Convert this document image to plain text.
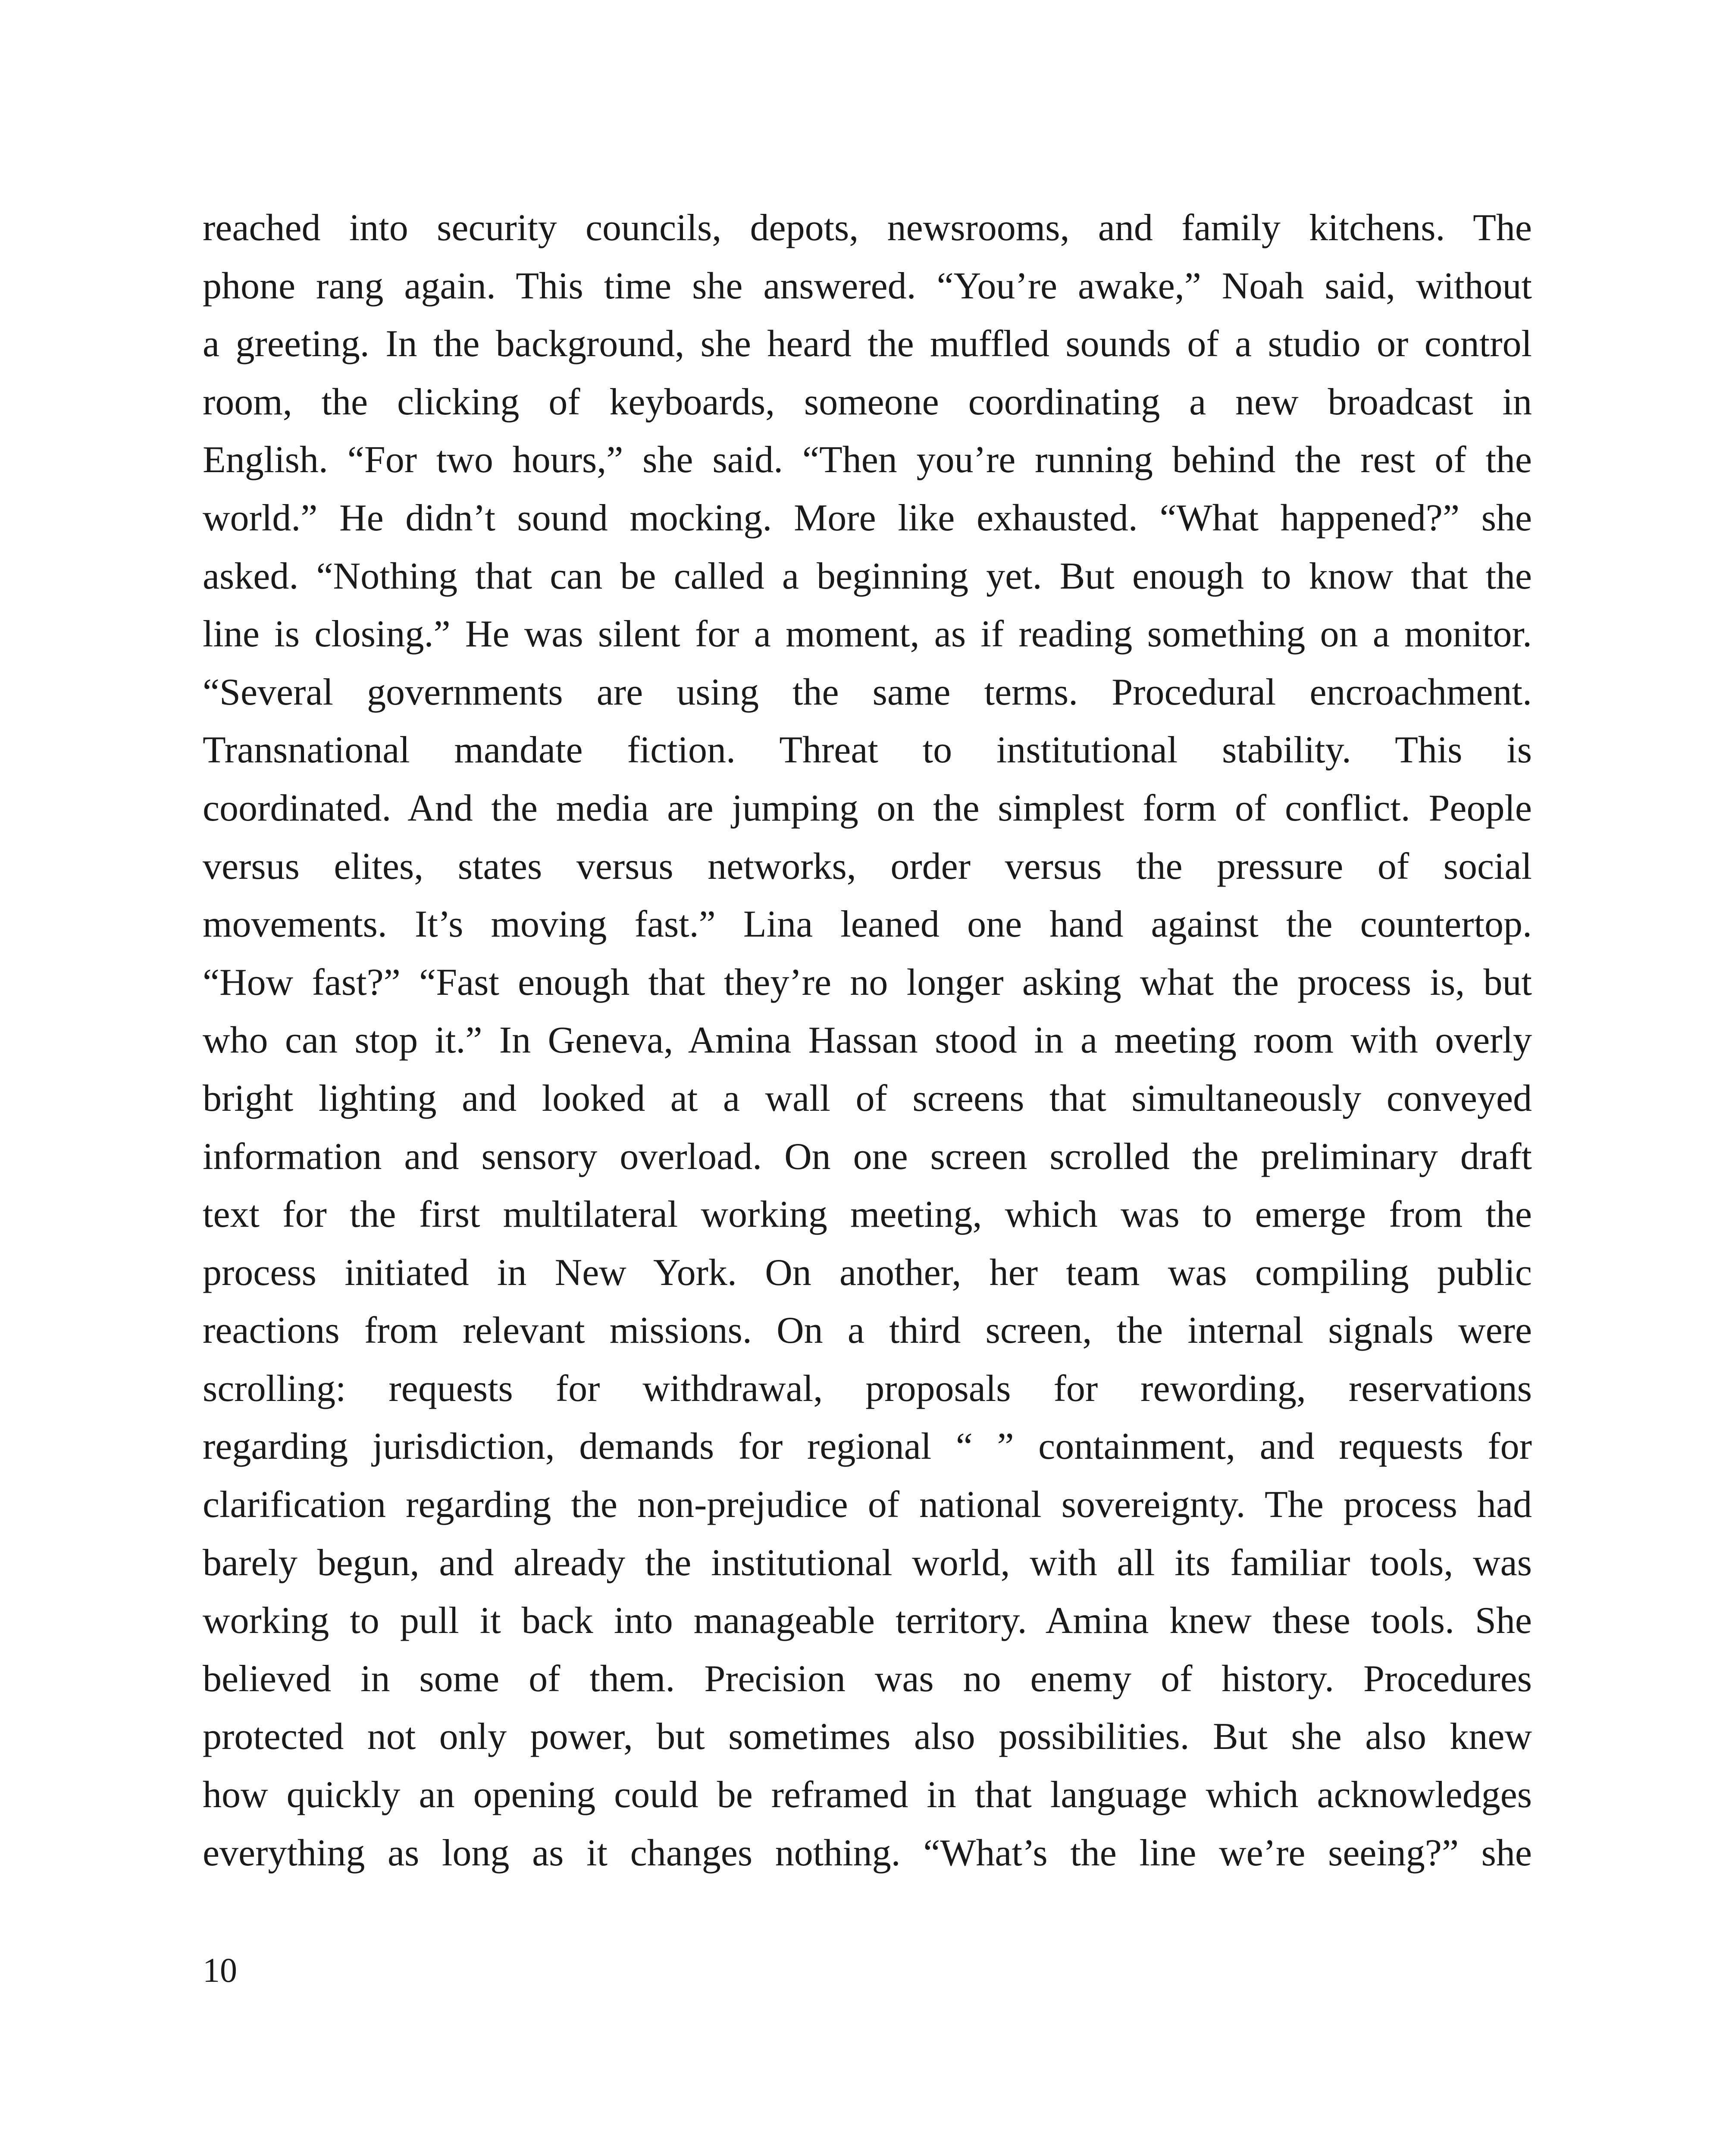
reached into security councils, depots, newsrooms, and family kitchens. The
phone rang again. This time she answered. “You’re awake,” Noah said, without
a greeting. In the background, she heard the muffled sounds of a studio or control
room, the clicking of keyboards, someone coordinating a new broadcast in
English. “For two hours,” she said. “Then you’re running behind the rest of the
world.” He didn’t sound mocking. More like exhausted. “What happened?” she
asked. “Nothing that can be called a beginning yet. But enough to know that the
line is closing.” He was silent for a moment, as if reading something on a monitor.
“Several governments are using the same terms. Procedural encroachment.
Transnational mandate fiction. Threat to institutional stability. This is
coordinated. And the media are jumping on the simplest form of conflict. People
versus elites, states versus networks, order versus the pressure of social
movements. It’s moving fast.” Lina leaned one hand against the countertop.
“How fast?” “Fast enough that they’re no longer asking what the process is, but
who can stop it.” In Geneva, Amina Hassan stood in a meeting room with overly
bright lighting and looked at a wall of screens that simultaneously conveyed
information and sensory overload. On one screen scrolled the preliminary draft
text for the first multilateral working meeting, which was to emerge from the
process initiated in New York. On another, her team was compiling public
reactions from relevant missions. On a third screen, the internal signals were
scrolling: requests for withdrawal, proposals for rewording, reservations
regarding jurisdiction, demands for regional “ ” containment, and requests for
clarification regarding the non-prejudice of national sovereignty. The process had
barely begun, and already the institutional world, with all its familiar tools, was
working to pull it back into manageable territory. Amina knew these tools. She
believed in some of them. Precision was no enemy of history. Procedures
protected not only power, but sometimes also possibilities. But she also knew
how quickly an opening could be reframed in that language which acknowledges
everything as long as it changes nothing. “What’s the line we’re seeing?” she

10
